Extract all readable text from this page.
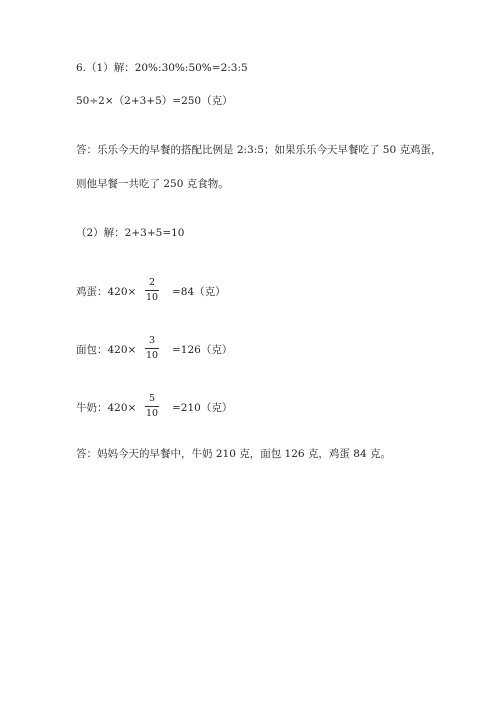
6.（1）解：20%:30%:50%=2:3:5
50÷2×（2+3+5）=250（克）
答：乐乐今天的早餐的搭配比例是 2:3:5；如果乐乐今天早餐吃了 50 克鸡蛋，
则他早餐一共吃了 250 克食物。
（2）解：2+3+5=10
鸡蛋：420×
2
10 =84（克）
面包：420×
3
10 =126（克）
牛奶：420×
5
10 =210（克）
答：妈妈今天的早餐中，牛奶 210 克，面包 126 克，鸡蛋 84 克。
